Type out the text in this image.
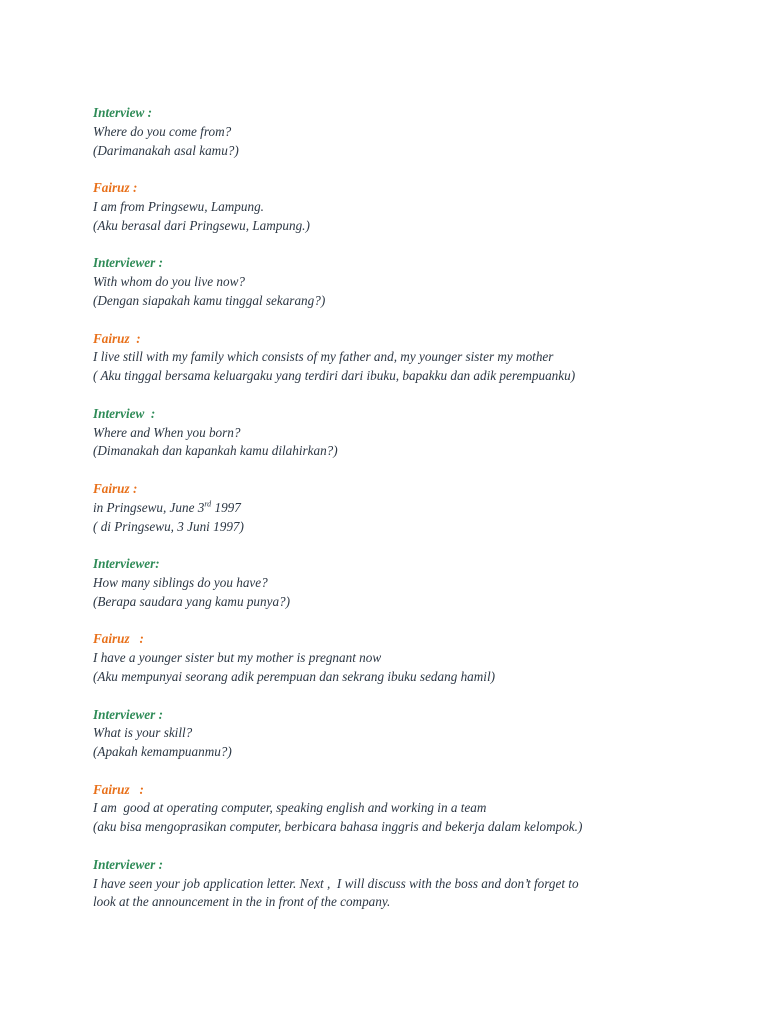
Interview :
Where do you come from?
(Darimanakah asal kamu?)
Fairuz :
I am from Pringsewu, Lampung.
(Aku berasal dari Pringsewu, Lampung.)
Interviewer :
With whom do you live now?
(Dengan siapakah kamu tinggal sekarang?)
Fairuz  :
I live still with my family which consists of my father and, my younger sister my mother
( Aku tinggal bersama keluargaku yang terdiri dari ibuku, bapakku dan adik perempuanku)
Interview  :
Where and When you born?
(Dimanakah dan kapankah kamu dilahirkan?)
Fairuz :
in Pringsewu, June 3rd 1997
( di Pringsewu, 3 Juni 1997)
Interviewer:
How many siblings do you have?
(Berapa saudara yang kamu punya?)
Fairuz   :
I have a younger sister but my mother is pregnant now
(Aku mempunyai seorang adik perempuan dan sekrang ibuku sedang hamil)
Interviewer :
What is your skill?
(Apakah kemampuanmu?)
Fairuz   :
I am  good at operating computer, speaking english and working in a team
(aku bisa mengoprasikan computer, berbicara bahasa inggris and bekerja dalam kelompok.)
Interviewer :
I have seen your job application letter. Next ,  I will discuss with the boss and don’t forget to
look at the announcement in the in front of the company.
